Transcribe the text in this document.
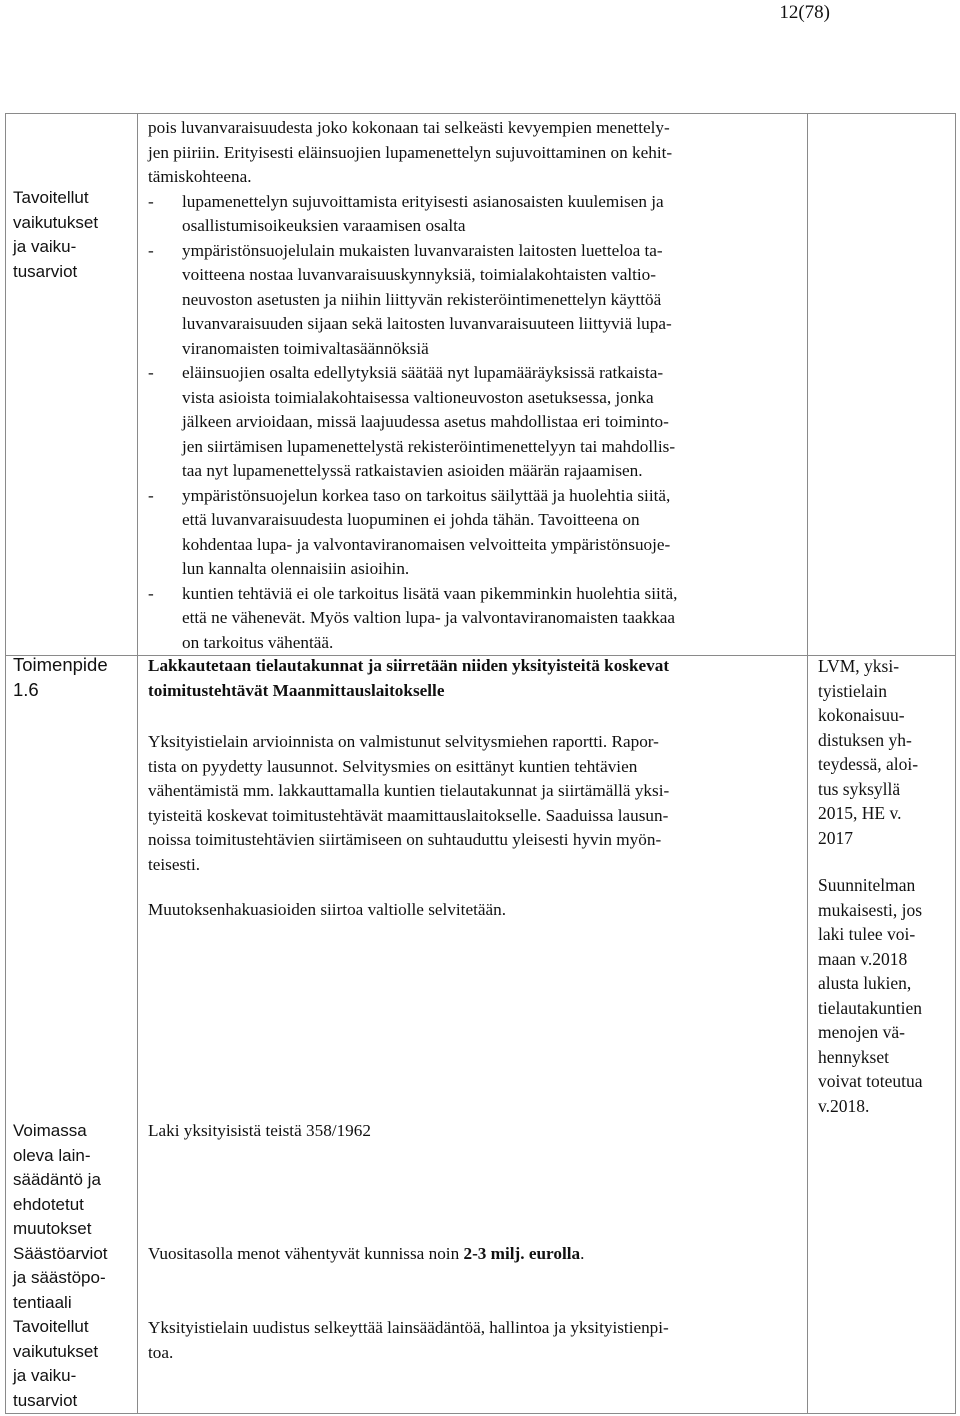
12(78)
Tavoitellut
vaikutukset
ja vaiku-
tusarviot
Toimenpide
1.6
Voimassa
oleva lain-
säädäntö ja
ehdotetut
muutokset
Säästöarviot
ja säästöpo-
tentiaali
Tavoitellut
vaikutukset
ja vaiku-
tusarviot
pois luvanvaraisuudesta joko kokonaan tai selkeästi kevyempien menettely-
jen piiriin. Erityisesti eläinsuojien lupamenettelyn sujuvoittaminen on kehit-
tämiskohteena.
- lupamenettelyn sujuvoittamista erityisesti asianosaisten kuulemisen ja
osallistumisoikeuksien varaamisen osalta
- ympäristönsuojelulain mukaisten luvanvaraisten laitosten luetteloa ta-
voitteena nostaa luvanvaraisuuskynnyksiä, toimialakohtaisten valtio-
neuvoston asetusten ja niihin liittyvän rekisteröintimenettelyn käyttöä
luvanvaraisuuden sijaan sekä laitosten luvanvaraisuuteen liittyviä lupa-
viranomaisten toimivaltasäännöksiä
- eläinsuojien osalta edellytyksiä säätää nyt lupamääräyksissä ratkaista-
vista asioista toimialakohtaisessa valtioneuvoston asetuksessa, jonka
jälkeen arvioidaan, missä laajuudessa asetus mahdollistaa eri toiminto-
jen siirtämisen lupamenettelystä rekisteröintimenettelyyn tai mahdollis-
taa nyt lupamenettelyssä ratkaistavien asioiden määrän rajaamisen.
- ympäristönsuojelun korkea taso on tarkoitus säilyttää ja huolehtia siitä,
että luvanvaraisuudesta luopuminen ei johda tähän. Tavoitteena on
kohdentaa lupa- ja valvontaviranomaisen velvoitteita ympäristönsuoje-
lun kannalta olennaisiin asioihin.
- kuntien tehtäviä ei ole tarkoitus lisätä vaan pikemminkin huolehtia siitä,
että ne vähenevät. Myös valtion lupa- ja valvontaviranomaisten taakkaa
on tarkoitus vähentää.
Lakkautetaan tielautakunnat ja siirretään niiden yksityisteitä koskevat
toimitustehtävät Maanmittauslaitokselle
Yksityistielain arvioinnista on valmistunut selvitysmiehen raportti. Rapor-
tista on pyydetty lausunnot. Selvitysmies on esittänyt kuntien tehtävien
vähentämistä mm. lakkauttamalla kuntien tielautakunnat ja siirtämällä yksi-
tyisteitä koskevat toimitustehtävät maamittauslaitokselle. Saaduissa lausun-
noissa toimitustehtävien siirtämiseen on suhtauduttu yleisesti hyvin myön-
teisesti.
Muutoksenhakuasioiden siirtoa valtiolle selvitetään.
Laki yksityisistä teistä 358/1962
Vuositasolla menot vähentyvät kunnissa noin 2-3 milj. eurolla.
Yksityistielain uudistus selkeyttää lainsäädäntöä, hallintoa ja yksityistienpi-
toa.
LVM, yksi-
tyistielain
kokonaisuu-
distuksen yh-
teydessä, aloi-
tus syksyllä
2015, HE v.
2017
Suunnitelman
mukaisesti, jos
laki tulee voi-
maan v.2018
alusta lukien,
tielautakuntien
menojen vä-
hennykset
voivat toteutua
v.2018.
